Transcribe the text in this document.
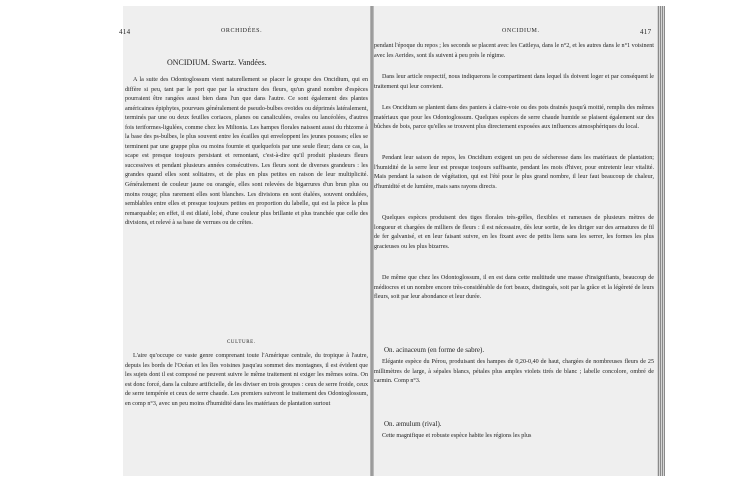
414	ORCHIDÉES.
ONCIDIUM. Swartz. Vandées.
A la suite des Odontoglossum vient naturellement se placer le groupe des Oncidium, qui en diffère si peu, tant par le port que par la structure des fleurs, qu'un grand nombre d'espèces pourraient être rangées aussi bien dans l'un que dans l'autre. Ce sont également des plantes américaines épiphytes, pourvues généralement de pseudo-bulbes ovoïdes ou déprimés latéralement, terminés par une ou deux feuilles coriaces, planes ou canaliculées, ovales ou lancéolées, d'autres fois teriformes-ligulées, comme chez les Miltonia. Les hampes florales naissent aussi du rhizome à la base des ps-bulbes, le plus souvent entre les écailles qui enveloppent les jeunes pousses; elles se terminent par une grappe plus ou moins fournie et quelquefois par une seule fleur; dans ce cas, la scape est presque toujours persistant et remontant, c'est-à-dire qu'il produit plusieurs fleurs successives et pendant plusieurs années consécutives. Les fleurs sont de diverses grandeurs : les grandes quand elles sont solitaires, et de plus en plus petites en raison de leur multiplicité. Généralement de couleur jaune ou orangée, elles sont relevées de bigarrures d'un brun plus ou moins rouge; plus rarement elles sont blanches. Les divisions en sont étalées, souvent ondulées, semblables entre elles et presque toujours petites en proportion du labelle, qui est la pièce la plus remarquable; en effet, il est dilaté, lobé, d'une couleur plus brillante et plus tranchée que celle des divisions, et relevé à sa base de verrues ou de crêtes.
CULTURE.
L'aire qu'occupe ce vaste genre comprenant toute l'Amérique centrale, du tropique à l'autre, depuis les bords de l'Océan et les îles voisines jusqu'au sommet des montagnes, il est évident que les sujets dont il est composé ne peuvent suivre le même traitement ni exiger les mêmes soins. On est donc forcé, dans la culture artificielle, de les diviser en trois groupes : ceux de serre froide, ceux de serre tempérée et ceux de serre chaude. Les premiers suivront le traitement des Odontoglossum, en comp n°3, avec un peu moins d'humidité dans les matériaux de plantation surtout
ONCIDIUM.	417
pendant l'époque du repos ; les seconds se placent avec les Cattleya, dans le n°2, et les autres dans le n°1 voisinent avec les Aerides, sont ils suivent à peu près le régime.
Dans leur article respectif, nous indiquerons le compartiment dans lequel ils doivent loger et par conséquent le traitement qui leur convient.
Les Oncidium se plantent dans des paniers à claire-voie ou des pots drainés jusqu'à moitié, remplis des mêmes matériaux que pour les Odontoglossum. Quelques espèces de serre chaude humide se plaisent également sur des bûches de bois, parce qu'elles se trouvent plus directement exposées aux influences atmosphériques du local.
Pendant leur saison de repos, les Oncidium exigent un peu de sécheresse dans les matériaux de plantation; l'humidité de la serre leur est presque toujours suffisante, pendant les mois d'hiver, pour entretenir leur vitalité. Mais pendant la saison de végétation, qui est l'été pour le plus grand nombre, il leur faut beaucoup de chaleur, d'humidité et de lumière, mais sans rayons directs.
Quelques espèces produisent des tiges florales très-grêles, flexibles et rameuses de plusieurs mètres de longueur et chargées de milliers de fleurs : il est nécessaire, dès leur sortie, de les diriger sur des armatures de fil de fer galvanisé, et en leur faisant suivre, en les fixant avec de petits liens sans les serrer, les formes les plus gracieuses ou les plus bizarres.
De même que chez les Odontoglossum, il en est dans cette multitude une masse d'insignifiants, beaucoup de médiocres et un nombre encore très-considérable de fort beaux, distingués, soit par la grâce et la légèreté de leurs fleurs, soit par leur abondance et leur durée.
On. acinaceum (en forme de sabre).
Elégante espèce du Pérou, produisant des hampes de 0,20-0,40 de haut, chargées de nombreuses fleurs de 25 millimètres de large, à sépales blancs, pétales plus amples violets tirés de blanc ; labelle concolore, ombré de carmin. Comp n°3.
On. æmulum (rival).
Cette magnifique et robuste espèce habite les régions les plus
